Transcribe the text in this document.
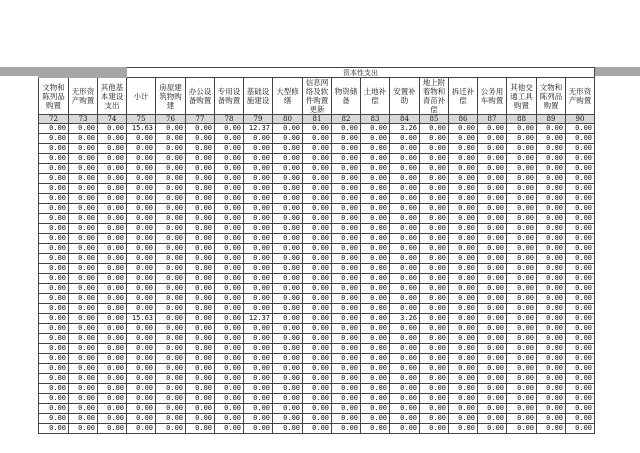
			资本性支出															
文物和陈列品购置	无形资产购置	其他基本建设支出	小计	房屋建筑物购建	办公设备购置	专用设备购置	基础设施建设	大型修缮	信息网络及软件购置更新	物资储备	土地补偿	安置补助	地上附着物和青苗补偿	拆迁补偿	公务用车购置	其他交通工具购置	文物和陈列品购置	无形资产购置
72	73	74	75	76	77	78	79	80	81	82	83	84	85	86	87	88	89	90
0.00	0.00	0.00	15.63	0.00	0.00	0.00	12.37	0.00	0.00	0.00	0.00	3.26	0.00	0.00	0.00	0.00	0.00	0.00
0.00	0.00	0.00	0.00	0.00	0.00	0.00	0.00	0.00	0.00	0.00	0.00	0.00	0.00	0.00	0.00	0.00	0.00	0.00
0.00	0.00	0.00	0.00	0.00	0.00	0.00	0.00	0.00	0.00	0.00	0.00	0.00	0.00	0.00	0.00	0.00	0.00	0.00
0.00	0.00	0.00	0.00	0.00	0.00	0.00	0.00	0.00	0.00	0.00	0.00	0.00	0.00	0.00	0.00	0.00	0.00	0.00
0.00	0.00	0.00	0.00	0.00	0.00	0.00	0.00	0.00	0.00	0.00	0.00	0.00	0.00	0.00	0.00	0.00	0.00	0.00
0.00	0.00	0.00	0.00	0.00	0.00	0.00	0.00	0.00	0.00	0.00	0.00	0.00	0.00	0.00	0.00	0.00	0.00	0.00
0.00	0.00	0.00	0.00	0.00	0.00	0.00	0.00	0.00	0.00	0.00	0.00	0.00	0.00	0.00	0.00	0.00	0.00	0.00
0.00	0.00	0.00	0.00	0.00	0.00	0.00	0.00	0.00	0.00	0.00	0.00	0.00	0.00	0.00	0.00	0.00	0.00	0.00
0.00	0.00	0.00	0.00	0.00	0.00	0.00	0.00	0.00	0.00	0.00	0.00	0.00	0.00	0.00	0.00	0.00	0.00	0.00
0.00	0.00	0.00	0.00	0.00	0.00	0.00	0.00	0.00	0.00	0.00	0.00	0.00	0.00	0.00	0.00	0.00	0.00	0.00
0.00	0.00	0.00	0.00	0.00	0.00	0.00	0.00	0.00	0.00	0.00	0.00	0.00	0.00	0.00	0.00	0.00	0.00	0.00
0.00	0.00	0.00	0.00	0.00	0.00	0.00	0.00	0.00	0.00	0.00	0.00	0.00	0.00	0.00	0.00	0.00	0.00	0.00
0.00	0.00	0.00	0.00	0.00	0.00	0.00	0.00	0.00	0.00	0.00	0.00	0.00	0.00	0.00	0.00	0.00	0.00	0.00
0.00	0.00	0.00	0.00	0.00	0.00	0.00	0.00	0.00	0.00	0.00	0.00	0.00	0.00	0.00	0.00	0.00	0.00	0.00
0.00	0.00	0.00	0.00	0.00	0.00	0.00	0.00	0.00	0.00	0.00	0.00	0.00	0.00	0.00	0.00	0.00	0.00	0.00
0.00	0.00	0.00	0.00	0.00	0.00	0.00	0.00	0.00	0.00	0.00	0.00	0.00	0.00	0.00	0.00	0.00	0.00	0.00
0.00	0.00	0.00	0.00	0.00	0.00	0.00	0.00	0.00	0.00	0.00	0.00	0.00	0.00	0.00	0.00	0.00	0.00	0.00
0.00	0.00	0.00	0.00	0.00	0.00	0.00	0.00	0.00	0.00	0.00	0.00	0.00	0.00	0.00	0.00	0.00	0.00	0.00
0.00	0.00	0.00	0.00	0.00	0.00	0.00	0.00	0.00	0.00	0.00	0.00	0.00	0.00	0.00	0.00	0.00	0.00	0.00
0.00	0.00	0.00	15.63	0.00	0.00	0.00	12.37	0.00	0.00	0.00	0.00	3.26	0.00	0.00	0.00	0.00	0.00	0.00
0.00	0.00	0.00	0.00	0.00	0.00	0.00	0.00	0.00	0.00	0.00	0.00	0.00	0.00	0.00	0.00	0.00	0.00	0.00
0.00	0.00	0.00	0.00	0.00	0.00	0.00	0.00	0.00	0.00	0.00	0.00	0.00	0.00	0.00	0.00	0.00	0.00	0.00
0.00	0.00	0.00	0.00	0.00	0.00	0.00	0.00	0.00	0.00	0.00	0.00	0.00	0.00	0.00	0.00	0.00	0.00	0.00
0.00	0.00	0.00	0.00	0.00	0.00	0.00	0.00	0.00	0.00	0.00	0.00	0.00	0.00	0.00	0.00	0.00	0.00	0.00
0.00	0.00	0.00	0.00	0.00	0.00	0.00	0.00	0.00	0.00	0.00	0.00	0.00	0.00	0.00	0.00	0.00	0.00	0.00
0.00	0.00	0.00	0.00	0.00	0.00	0.00	0.00	0.00	0.00	0.00	0.00	0.00	0.00	0.00	0.00	0.00	0.00	0.00
0.00	0.00	0.00	0.00	0.00	0.00	0.00	0.00	0.00	0.00	0.00	0.00	0.00	0.00	0.00	0.00	0.00	0.00	0.00
0.00	0.00	0.00	0.00	0.00	0.00	0.00	0.00	0.00	0.00	0.00	0.00	0.00	0.00	0.00	0.00	0.00	0.00	0.00
0.00	0.00	0.00	0.00	0.00	0.00	0.00	0.00	0.00	0.00	0.00	0.00	0.00	0.00	0.00	0.00	0.00	0.00	0.00
0.00	0.00	0.00	0.00	0.00	0.00	0.00	0.00	0.00	0.00	0.00	0.00	0.00	0.00	0.00	0.00	0.00	0.00	0.00
0.00	0.00	0.00	0.00	0.00	0.00	0.00	0.00	0.00	0.00	0.00	0.00	0.00	0.00	0.00	0.00	0.00	0.00	0.00
